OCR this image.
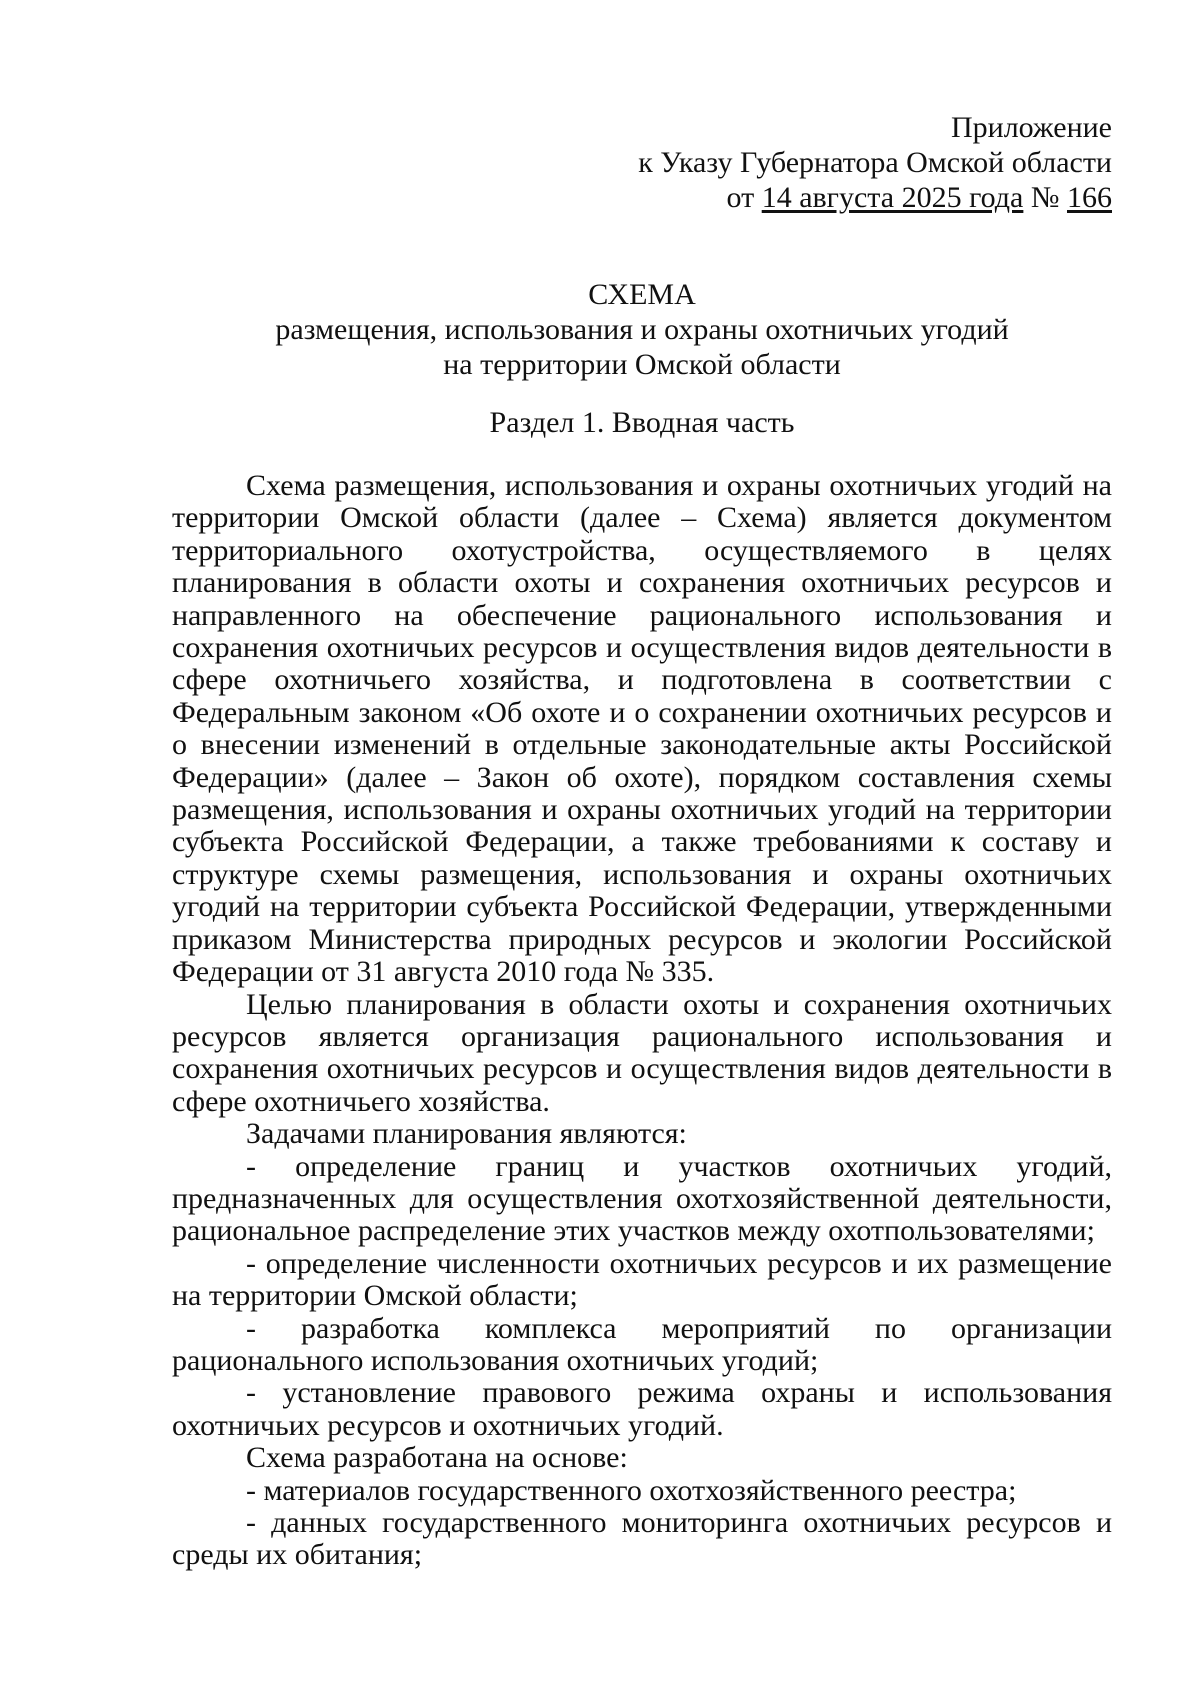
Приложение
к Указу Губернатора Омской области
от 14 августа 2025 года № 166
СХЕМА
размещения, использования и охраны охотничьих угодий
на территории Омской области
Раздел 1. Вводная часть

Схема размещения, использования и охраны охотничьих угодий на территории Омской области (далее – Схема) является документом территориального охотустройства, осуществляемого в целях планирования в области охоты и сохранения охотничьих ресурсов и направленного на обеспечение рационального использования и сохранения охотничьих ресурсов и осуществления видов деятельности в сфере охотничьего хозяйства, и подготовлена в соответствии с Федеральным законом «Об охоте и о сохранении охотничьих ресурсов и о внесении изменений в отдельные законодательные акты Российской Федерации» (далее – Закон об охоте), порядком составления схемы размещения, использования и охраны охотничьих угодий на территории субъекта Российской Федерации, а также требованиями к составу и структуре схемы размещения, использования и охраны охотничьих угодий на территории субъекта Российской Федерации, утвержденными приказом Министерства природных ресурсов и экологии Российской Федерации от 31 августа 2010 года № 335.

Целью планирования в области охоты и сохранения охотничьих ресурсов является организация рационального использования и сохранения охотничьих ресурсов и осуществления видов деятельности в сфере охотничьего хозяйства.

Задачами планирования являются:

- определение границ и участков охотничьих угодий, предназначенных для осуществления охотхозяйственной деятельности, рациональное распределение этих участков между охотпользователями;

- определение численности охотничьих ресурсов и их размещение на территории Омской области;

- разработка комплекса мероприятий по организации рационального использования охотничьих угодий;

- установление правового режима охраны и использования охотничьих ресурсов и охотничьих угодий.

Схема разработана на основе:

- материалов государственного охотхозяйственного реестра;

- данных государственного мониторинга охотничьих ресурсов и среды их обитания;
